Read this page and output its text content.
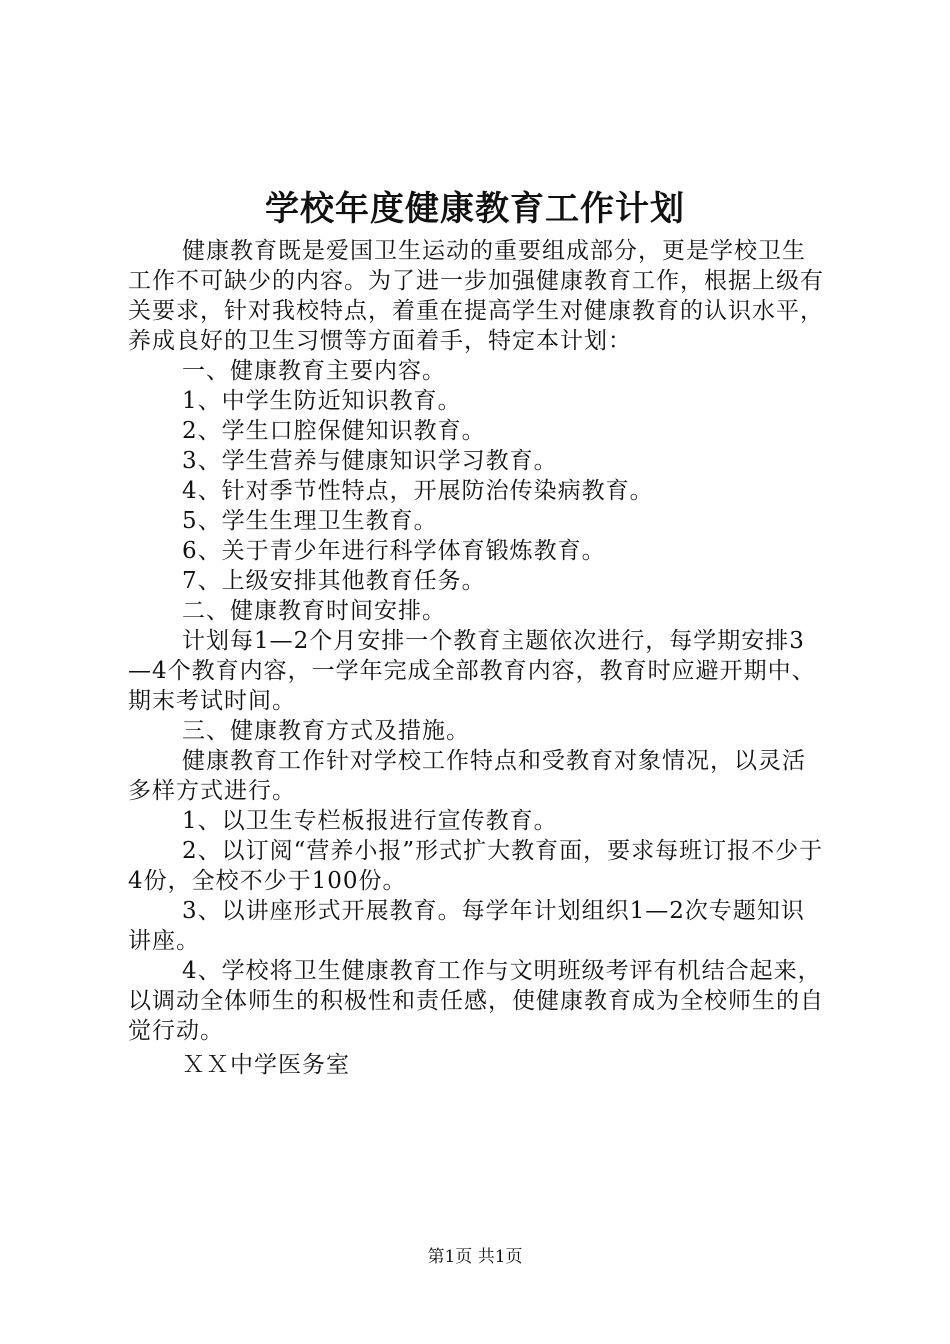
学校年度健康教育工作计划

健康教育既是爱国卫生运动的重要组成部分，更是学校卫生工作不可缺少的内容。为了进一步加强健康教育工作，根据上级有关要求，针对我校特点，着重在提高学生对健康教育的认识水平，养成良好的卫生习惯等方面着手，特定本计划：

一、健康教育主要内容。

1、中学生防近知识教育。

2、学生口腔保健知识教育。

3、学生营养与健康知识学习教育。

4、针对季节性特点，开展防治传染病教育。

5、学生生理卫生教育。

6、关于青少年进行科学体育锻炼教育。

7、上级安排其他教育任务。

二、健康教育时间安排。

计划每1—2个月安排一个教育主题依次进行，每学期安排3—4个教育内容，一学年完成全部教育内容，教育时应避开期中、期末考试时间。

三、健康教育方式及措施。

健康教育工作针对学校工作特点和受教育对象情况，以灵活多样方式进行。

1、以卫生专栏板报进行宣传教育。

2、以订阅“营养小报”形式扩大教育面，要求每班订报不少于4份，全校不少于100份。

3、以讲座形式开展教育。每学年计划组织1—2次专题知识讲座。

4、学校将卫生健康教育工作与文明班级考评有机结合起来，以调动全体师生的积极性和责任感，使健康教育成为全校师生的自觉行动。

ＸＸ中学医务室

第1页 共1页
